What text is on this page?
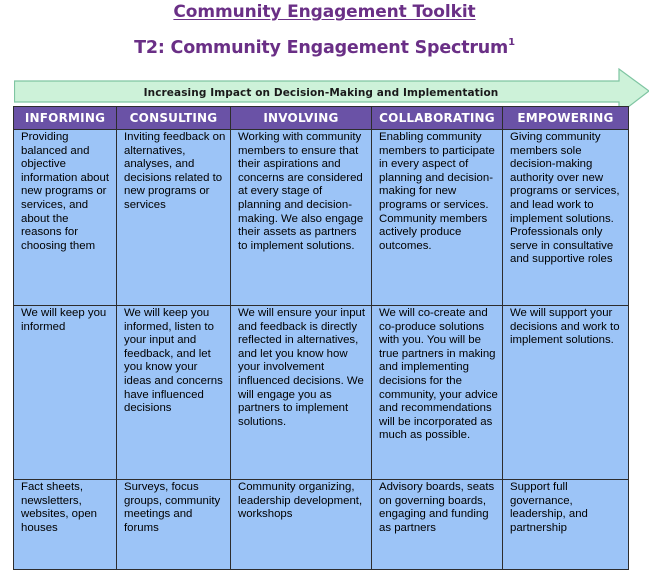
Community Engagement Toolkit
T2: Community Engagement Spectrum$^1$
Increasing Impact on Decision-Making and Implementation
INFORMING	CONSULTING	INVOLVING	COLLABORATING	EMPOWERING
Providing balanced and objective information about new programs or services, and about the reasons for choosing them	Inviting feedback on alternatives, analyses, and decisions related to new programs or services	Working with community members to ensure that their aspirations and concerns are considered at every stage of planning and decision-making. We also engage their assets as partners to implement solutions.	Enabling community members to participate in every aspect of planning and decision-making for new programs or services. Community members actively produce outcomes.	Giving community members sole decision-making authority over new programs or services, and lead work to implement solutions. Professionals only serve in consultative and supportive roles
We will keep you informed	We will keep you informed, listen to your input and feedback, and let you know your ideas and concerns have influenced decisions	We will ensure your input and feedback is directly reflected in alternatives, and let you know how your involvement influenced decisions. We will engage you as partners to implement solutions.	We will co-create and co-produce solutions with you. You will be true partners in making and implementing decisions for the community, your advice and recommendations will be incorporated as much as possible.	We will support your decisions and work to implement solutions.
Fact sheets, newsletters, websites, open houses	Surveys, focus groups, community meetings and forums	Community organizing, leadership development, workshops	Advisory boards, seats on governing boards, engaging and funding as partners	Support full governance, leadership, and partnership
